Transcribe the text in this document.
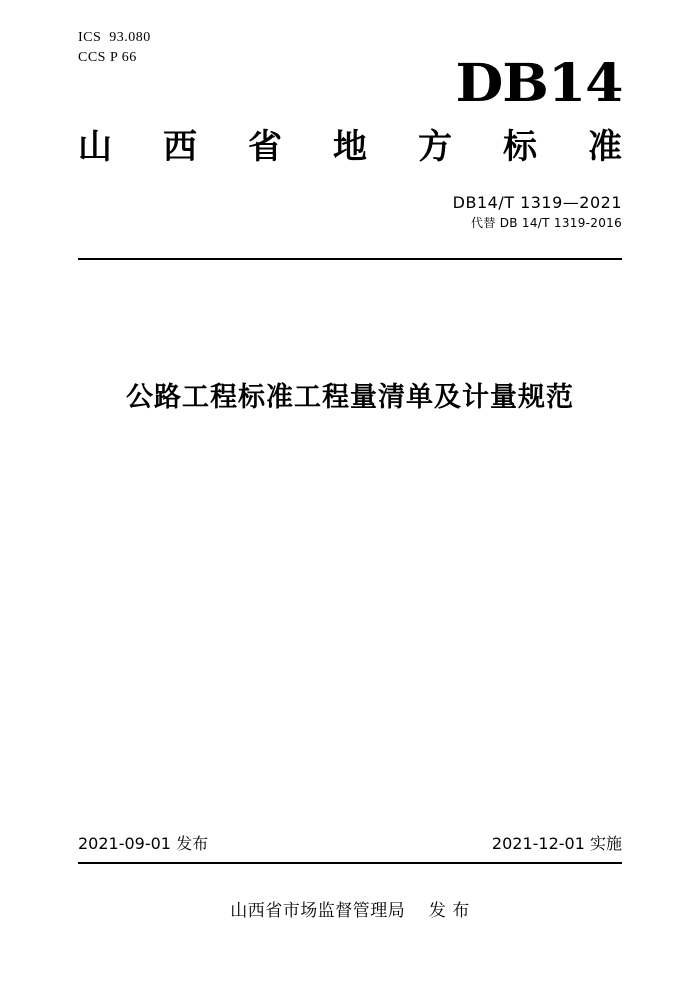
ICS  93.080
CCS P 66	DB14
山 西 省 地 方 标 准
DB14/T 1319—2021
代替 DB 14/T 1319-2016
公路工程标准工程量清单及计量规范
2021-09-01 发布	2021-12-01 实施
山西省市场监督管理局    发 布
